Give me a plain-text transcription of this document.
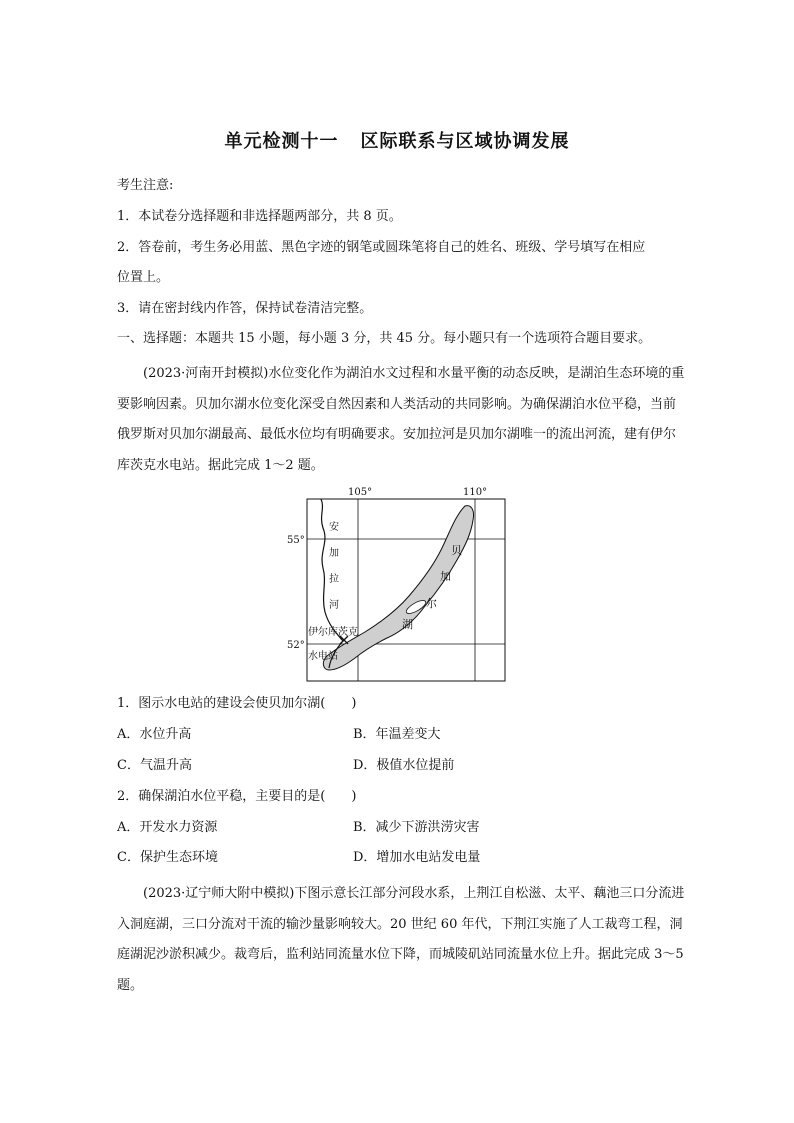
单元检测十一 区际联系与区域协调发展
考生注意:
1．本试卷分选择题和非选择题两部分，共 8 页。
2．答卷前，考生务必用蓝、黑色字迹的钢笔或圆珠笔将自己的姓名、班级、学号填写在相应
位置上。
3．请在密封线内作答，保持试卷清洁完整。
一、选择题：本题共 15 小题，每小题 3 分，共 45 分。每小题只有一个选项符合题目要求。
(2023·河南开封模拟)水位变化作为湖泊水文过程和水量平衡的动态反映，是湖泊生态环境的重要影响因素。贝加尔湖水位变化深受自然因素和人类活动的共同影响。为确保湖泊水位平稳，当前俄罗斯对贝加尔湖最高、最低水位均有明确要求。安加拉河是贝加尔湖唯一的流出河流，建有伊尔库茨克水电站。据此完成 1～2 题。
105°	110°
55°
52°
安
加
拉
河
贝
加
尔
湖
伊尔库茨克
水电站
1．图示水电站的建设会使贝加尔湖(　　)
A．水位升高	B．年温差变大
C．气温升高	D．极值水位提前
2．确保湖泊水位平稳，主要目的是(　　)
A．开发水力资源	B．减少下游洪涝灾害
C．保护生态环境	D．增加水电站发电量
(2023·辽宁师大附中模拟)下图示意长江部分河段水系，上荆江自松滋、太平、藕池三口分流进入洞庭湖，三口分流对干流的输沙量影响较大。20 世纪 60 年代，下荆江实施了人工裁弯工程，洞庭湖泥沙淤积减少。裁弯后，监利站同流量水位下降，而城陵矶站同流量水位上升。据此完成 3～5 题。
